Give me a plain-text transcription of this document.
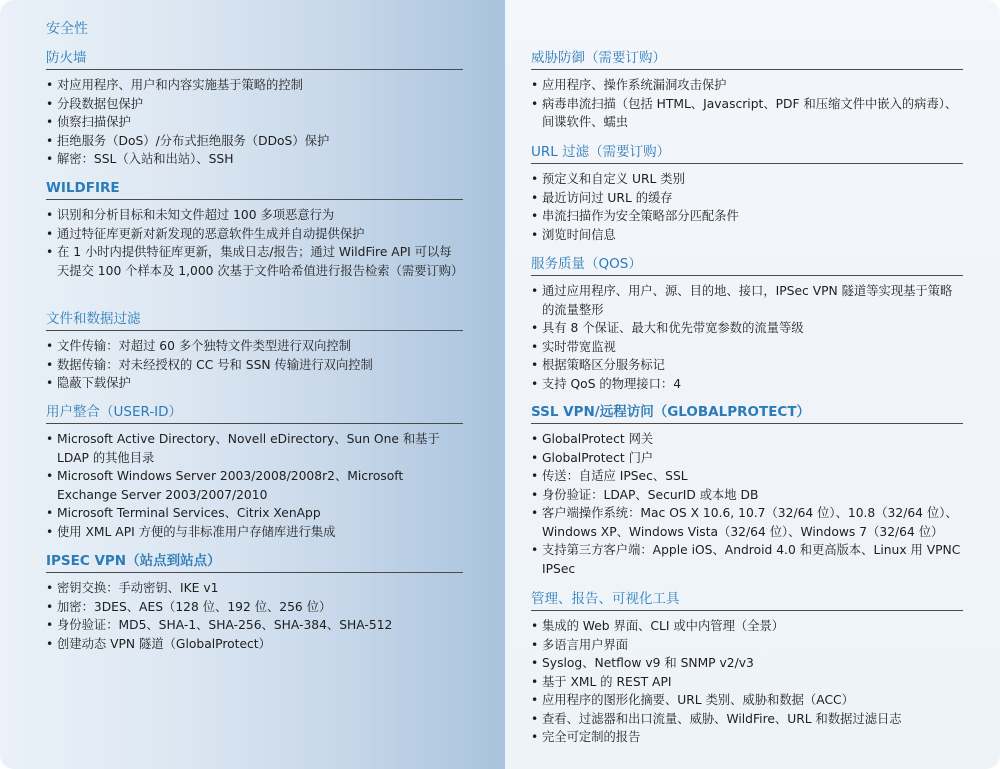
安全性
防火墙
• 对应用程序、用户和内容实施基于策略的控制
• 分段数据包保护
• 侦察扫描保护
• 拒绝服务（DoS）/分布式拒绝服务（DDoS）保护
• 解密：SSL（入站和出站）、SSH
WILDFIRE
• 识别和分析目标和未知文件超过 100 多项恶意行为
• 通过特征库更新对新发现的恶意软件生成并自动提供保护
• 在 1 小时内提供特征库更新，集成日志/报告；通过 WildFire API 可以每天提交 100 个样本及 1,000 次基于文件哈希值进行报告检索（需要订购）
文件和数据过滤
• 文件传输：对超过 60 多个独特文件类型进行双向控制
• 数据传输：对未经授权的 CC 号和 SSN 传输进行双向控制
• 隐蔽下载保护
用户整合（USER-ID）
• Microsoft Active Directory、Novell eDirectory、Sun One 和基于 LDAP 的其他目录
• Microsoft Windows Server 2003/2008/2008r2、Microsoft Exchange Server 2003/2007/2010
• Microsoft Terminal Services、Citrix XenApp
• 使用 XML API 方便的与非标准用户存储库进行集成
IPSEC VPN（站点到站点）
• 密钥交换：手动密钥、IKE v1
• 加密：3DES、AES（128 位、192 位、256 位）
• 身份验证：MD5、SHA-1、SHA-256、SHA-384、SHA-512
• 创建动态 VPN 隧道（GlobalProtect）
威胁防御（需要订购）
• 应用程序、操作系统漏洞攻击保护
• 病毒串流扫描（包括 HTML、Javascript、PDF 和压缩文件中嵌入的病毒）、间谍软件、蠕虫
URL 过滤（需要订购）
• 预定义和自定义 URL 类别
• 最近访问过 URL 的缓存
• 串流扫描作为安全策略部分匹配条件
• 浏览时间信息
服务质量（QOS）
• 通过应用程序、用户、源、目的地、接口，IPSec VPN 隧道等实现基于策略的流量整形
• 具有 8 个保证、最大和优先带宽参数的流量等级
• 实时带宽监视
• 根据策略区分服务标记
• 支持 QoS 的物理接口：4
SSL VPN/远程访问（GLOBALPROTECT）
• GlobalProtect 网关
• GlobalProtect 门户
• 传送：自适应 IPSec、SSL
• 身份验证：LDAP、SecurID 或本地 DB
• 客户端操作系统：Mac OS X 10.6, 10.7（32/64 位）、10.8（32/64 位）、Windows XP、Windows Vista（32/64 位）、Windows 7（32/64 位）
• 支持第三方客户端：Apple iOS、Android 4.0 和更高版本、Linux 用 VPNC IPSec
管理、报告、可视化工具
• 集成的 Web 界面、CLI 或中内管理（全景）
• 多语言用户界面
• Syslog、Netflow v9 和 SNMP v2/v3
• 基于 XML 的 REST API
• 应用程序的图形化摘要、URL 类别、威胁和数据（ACC）
• 查看、过滤器和出口流量、威胁、WildFire、URL 和数据过滤日志
• 完全可定制的报告
